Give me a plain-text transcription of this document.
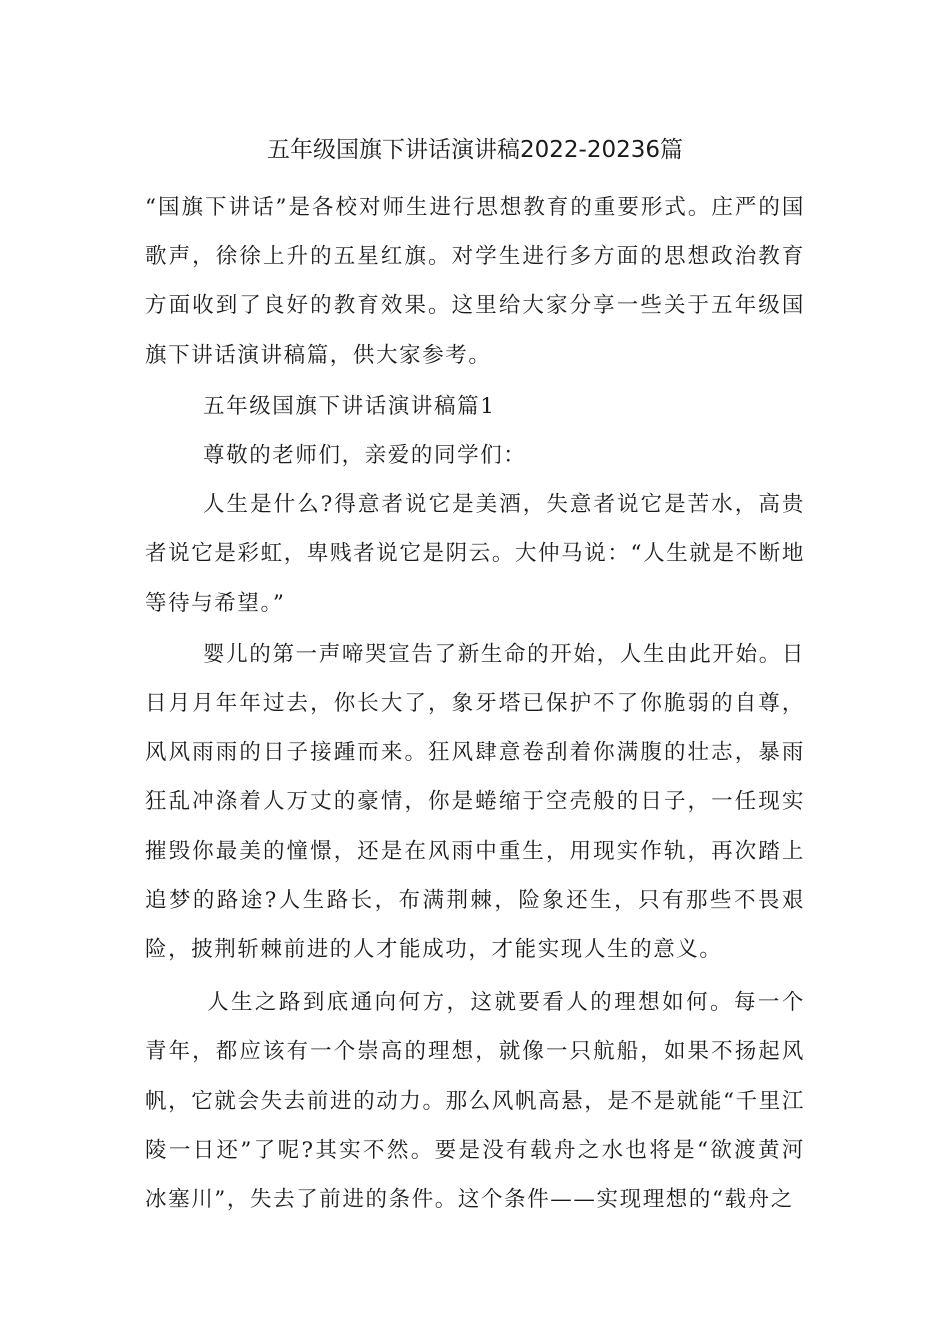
五年级国旗下讲话演讲稿2022-20236篇

“国旗下讲话”是各校对师生进行思想教育的重要形式。庄严的国歌声，徐徐上升的五星红旗。对学生进行多方面的思想政治教育方面收到了良好的教育效果。这里给大家分享一些关于五年级国旗下讲话演讲稿篇，供大家参考。

五年级国旗下讲话演讲稿篇1

尊敬的老师们，亲爱的同学们：

人生是什么?得意者说它是美酒，失意者说它是苦水，高贵者说它是彩虹，卑贱者说它是阴云。大仲马说：“人生就是不断地等待与希望。”

婴儿的第一声啼哭宣告了新生命的开始，人生由此开始。日日月月年年过去，你长大了，象牙塔已保护不了你脆弱的自尊，风风雨雨的日子接踵而来。狂风肆意卷刮着你满腹的壮志，暴雨狂乱冲涤着人万丈的豪情，你是蜷缩于空壳般的日子，一任现实摧毁你最美的憧憬，还是在风雨中重生，用现实作轨，再次踏上追梦的路途?人生路长，布满荆棘，险象还生，只有那些不畏艰险，披荆斩棘前进的人才能成功，才能实现人生的意义。

人生之路到底通向何方，这就要看人的理想如何。每一个青年，都应该有一个崇高的理想，就像一只航船，如果不扬起风帆，它就会失去前进的动力。那么风帆高悬，是不是就能“千里江陵一日还”了呢?其实不然。要是没有载舟之水也将是“欲渡黄河冰塞川”，失去了前进的条件。这个条件——实现理想的“载舟之
